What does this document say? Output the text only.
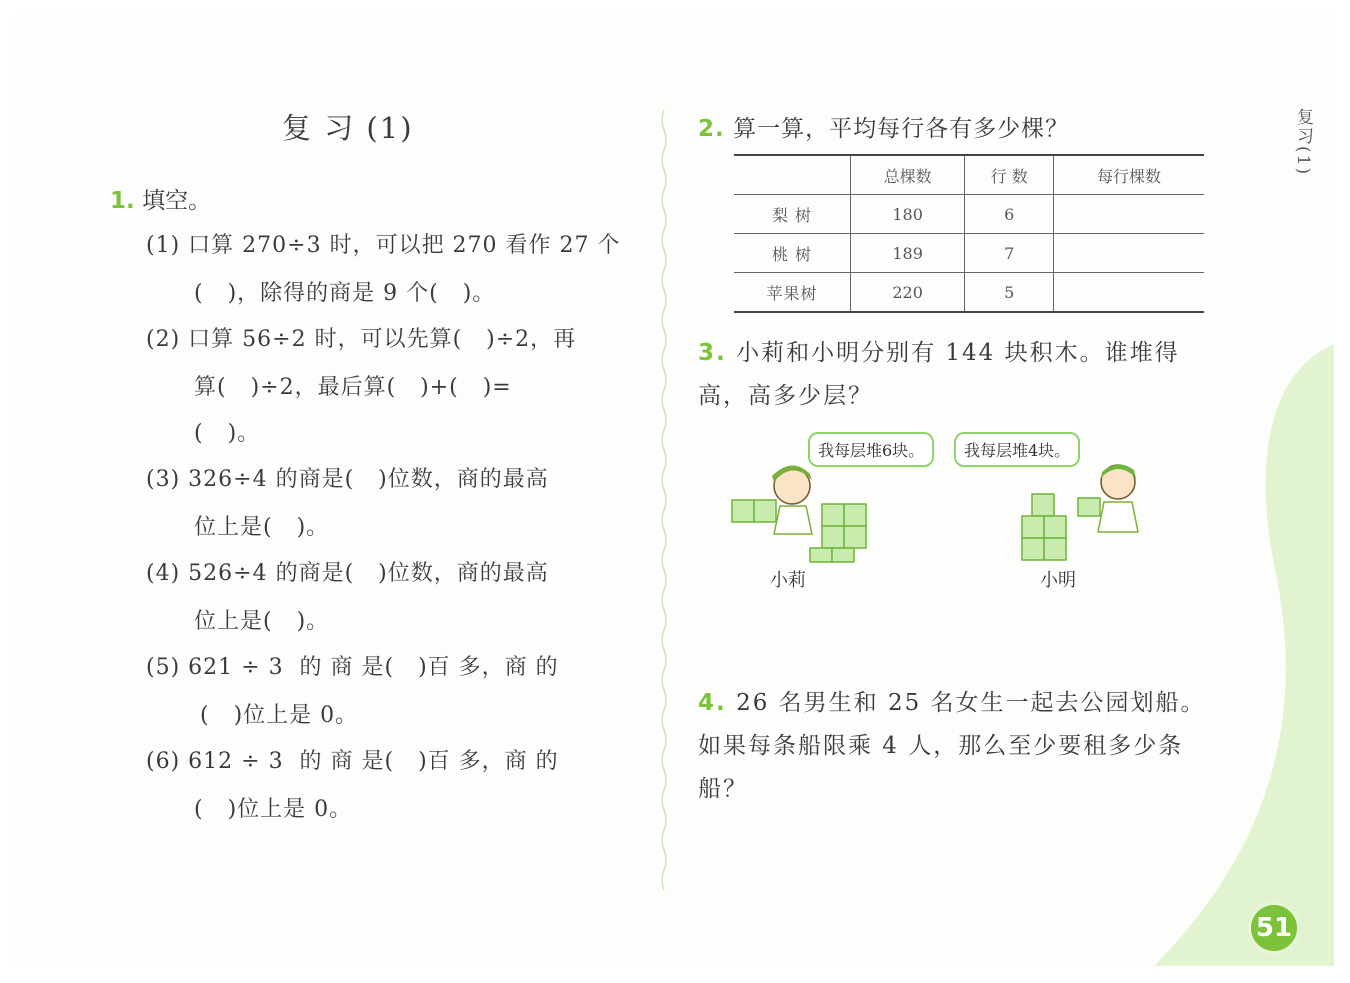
复 习 (1)
1. 填空。
(1) 口算 270÷3 时，可以把 270 看作 27 个
(   )，除得的商是 9 个(   )。
(2) 口算 56÷2 时，可以先算(   )÷2，再
算(   )÷2，最后算(   )+(   )=
(   )。
(3) 326÷4 的商是(   )位数，商的最高
位上是(   )。
(4) 526÷4 的商是(   )位数，商的最高
位上是(   )。
(5) 621 ÷ 3  的 商 是(   )百 多，商 的
(   )位上是 0。
(6) 612 ÷ 3  的 商 是(   )百 多，商 的
(   )位上是 0。
2. 算一算，平均每行各有多少棵？
	总棵数	行 数	每行棵数
梨 树	180	6	
桃 树	189	7	
苹果树	220	5	
3. 小莉和小明分别有 144 块积木。谁堆得高，高多少层？
我每层堆6块。	我每层堆4块。
小莉	小明
4. 26 名男生和 25 名女生一起去公园划船。如果每条船限乘 4 人，那么至少要租多少条船？
复习(1)
51
